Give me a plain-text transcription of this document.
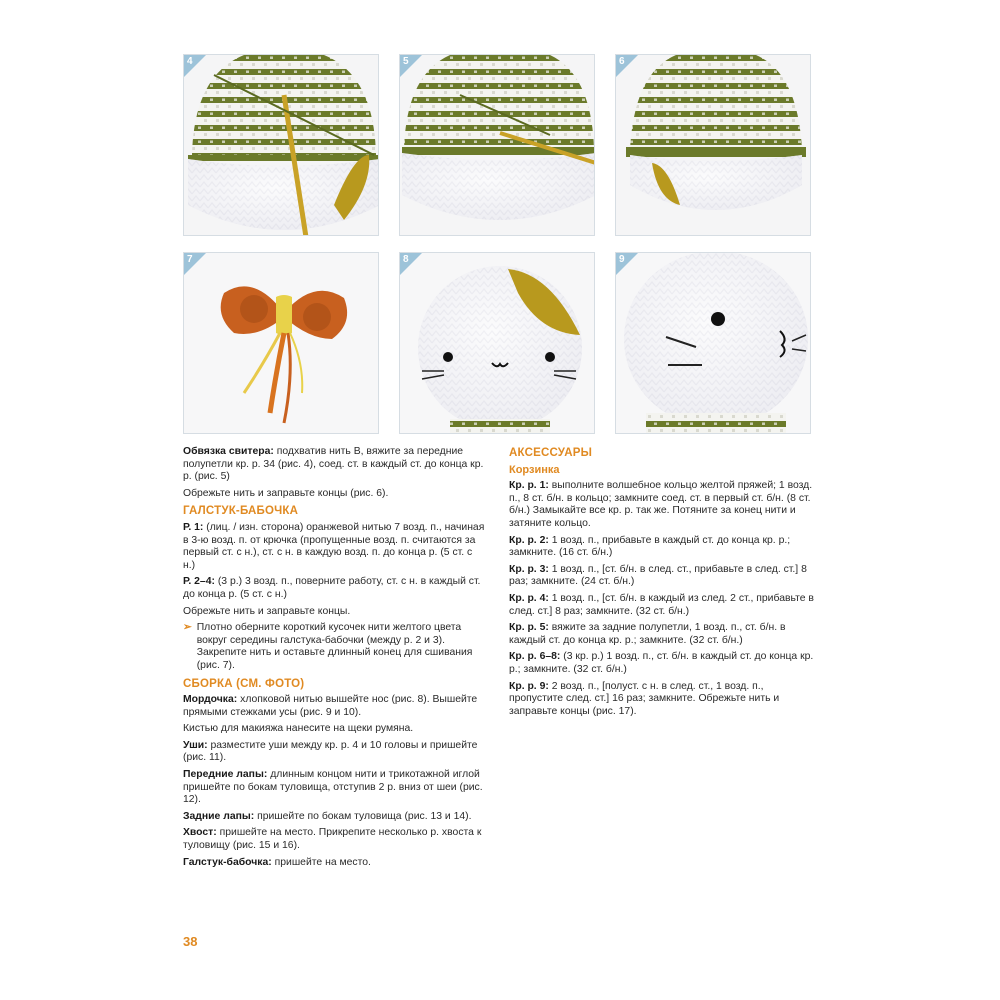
4	5	6
7	8	9

Обвязка свитера: подхватив нить В, вяжите за передние полупетли кр. р. 34 (рис. 4), соед. ст. в каждый ст. до конца кр. р. (рис. 5)

Обрежьте нить и заправьте концы (рис. 6).

ГАЛСТУК-БАБОЧКА

Р. 1: (лиц. / изн. сторона) оранжевой нитью 7 возд. п., начиная в 3-ю возд. п. от крючка (пропущенные возд. п. считаются за первый ст. с н.), ст. с н. в каждую возд. п. до конца р. (5 ст. с н.)

Р. 2–4: (3 р.) 3 возд. п., поверните работу, ст. с н. в каждый ст. до конца р. (5 ст. с н.)

Обрежьте нить и заправьте концы.

➢ Плотно оберните короткий кусочек нити желтого цвета вокруг середины галстука-бабочки (между р. 2 и 3). Закрепите нить и оставьте длинный конец для сшивания (рис. 7).
СБОРКА (СМ. ФОТО)

Мордочка: хлопковой нитью вышейте нос (рис. 8). Вышейте прямыми стежками усы (рис. 9 и 10).

Кистью для макияжа нанесите на щеки румяна.

Уши: разместите уши между кр. р. 4 и 10 головы и пришейте (рис. 11).

Передние лапы: длинным концом нити и трикотажной иглой пришейте по бокам туловища, отступив 2 р. вниз от шеи (рис. 12).

Задние лапы: пришейте по бокам туловища (рис. 13 и 14).

Хвост: пришейте на место. Прикрепите несколько р. хвоста к туловищу (рис. 15 и 16).

Галстук-бабочка: пришейте на место.

АКСЕССУАРЫ
Корзинка

Кр. р. 1: выполните волшебное кольцо желтой пряжей; 1 возд. п., 8 ст. б/н. в кольцо; замкните соед. ст. в первый ст. б/н. (8 ст. б/н.) Замыкайте все кр. р. так же. Потяните за конец нити и затяните кольцо.

Кр. р. 2: 1 возд. п., прибавьте в каждый ст. до конца кр. р.; замкните. (16 ст. б/н.)

Кр. р. 3: 1 возд. п., [ст. б/н. в след. ст., прибавьте в след. ст.] 8 раз; замкните. (24 ст. б/н.)

Кр. р. 4: 1 возд. п., [ст. б/н. в каждый из след. 2 ст., прибавьте в след. ст.] 8 раз; замкните. (32 ст. б/н.)

Кр. р. 5: вяжите за задние полупетли, 1 возд. п., ст. б/н. в каждый ст. до конца кр. р.; замкните. (32 ст. б/н.)

Кр. р. 6–8: (3 кр. р.) 1 возд. п., ст. б/н. в каждый ст. до конца кр. р.; замкните. (32 ст. б/н.)

Кр. р. 9: 2 возд. п., [полуст. с н. в след. ст., 1 возд. п., пропустите след. ст.] 16 раз; замкните. Обрежьте нить и заправьте концы (рис. 17).

38
